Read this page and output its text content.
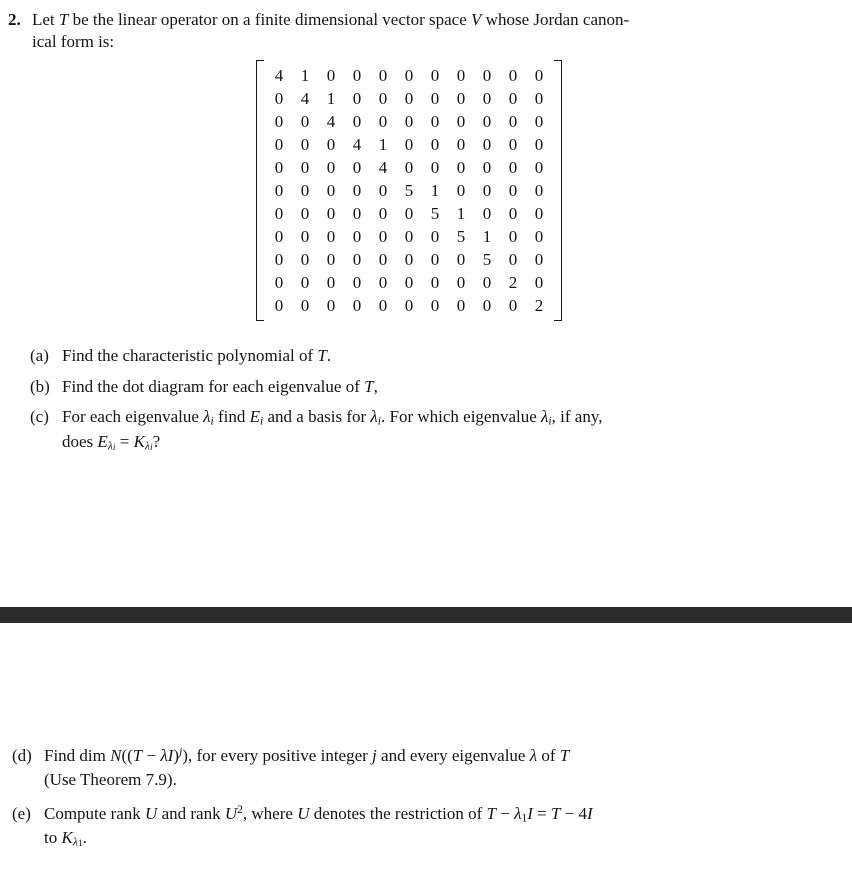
2. Let T be the linear operator on a finite dimensional vector space V whose Jordan canon-
ical form is:
4	1	0	0	0	0	0	0	0	0	0
0	4	1	0	0	0	0	0	0	0	0
0	0	4	0	0	0	0	0	0	0	0
0	0	0	4	1	0	0	0	0	0	0
0	0	0	0	4	0	0	0	0	0	0
0	0	0	0	0	5	1	0	0	0	0
0	0	0	0	0	0	5	1	0	0	0
0	0	0	0	0	0	0	5	1	0	0
0	0	0	0	0	0	0	0	5	0	0
0	0	0	0	0	0	0	0	0	2	0
0	0	0	0	0	0	0	0	0	0	2
(a) Find the characteristic polynomial of T.
(b) Find the dot diagram for each eigenvalue of T,
(c) For each eigenvalue λi find Ei and a basis for λi. For which eigenvalue λi, if any,
does Eλi = Kλi?
(d) Find dim $N((T - \lambda I)^j)$, for every positive integer j and every eigenvalue λ of T
(Use Theorem 7.9).
(e) Compute rank U and rank $U^2$, where U denotes the restriction of T − λ1I = T − 4I
to Kλ1.
